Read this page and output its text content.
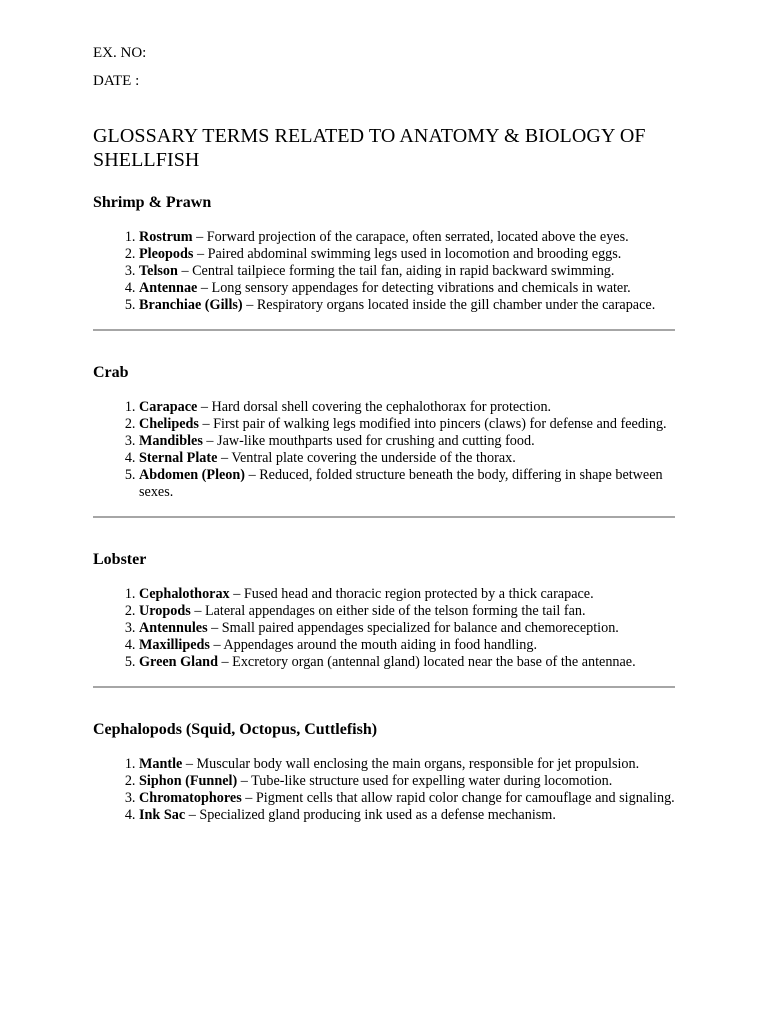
EX. NO:

DATE :

GLOSSARY TERMS RELATED TO ANATOMY & BIOLOGY OF SHELLFISH
Shrimp & Prawn
1. Rostrum – Forward projection of the carapace, often serrated, located above the eyes.
2. Pleopods – Paired abdominal swimming legs used in locomotion and brooding eggs.
3. Telson – Central tailpiece forming the tail fan, aiding in rapid backward swimming.
4. Antennae – Long sensory appendages for detecting vibrations and chemicals in water.
5. Branchiae (Gills) – Respiratory organs located inside the gill chamber under the carapace.
Crab
1. Carapace – Hard dorsal shell covering the cephalothorax for protection.
2. Chelipeds – First pair of walking legs modified into pincers (claws) for defense and feeding.
3. Mandibles – Jaw-like mouthparts used for crushing and cutting food.
4. Sternal Plate – Ventral plate covering the underside of the thorax.
5. Abdomen (Pleon) – Reduced, folded structure beneath the body, differing in shape between sexes.
Lobster
1. Cephalothorax – Fused head and thoracic region protected by a thick carapace.
2. Uropods – Lateral appendages on either side of the telson forming the tail fan.
3. Antennules – Small paired appendages specialized for balance and chemoreception.
4. Maxillipeds – Appendages around the mouth aiding in food handling.
5. Green Gland – Excretory organ (antennal gland) located near the base of the antennae.
Cephalopods (Squid, Octopus, Cuttlefish)
1. Mantle – Muscular body wall enclosing the main organs, responsible for jet propulsion.
2. Siphon (Funnel) – Tube-like structure used for expelling water during locomotion.
3. Chromatophores – Pigment cells that allow rapid color change for camouflage and signaling.
4. Ink Sac – Specialized gland producing ink used as a defense mechanism.
